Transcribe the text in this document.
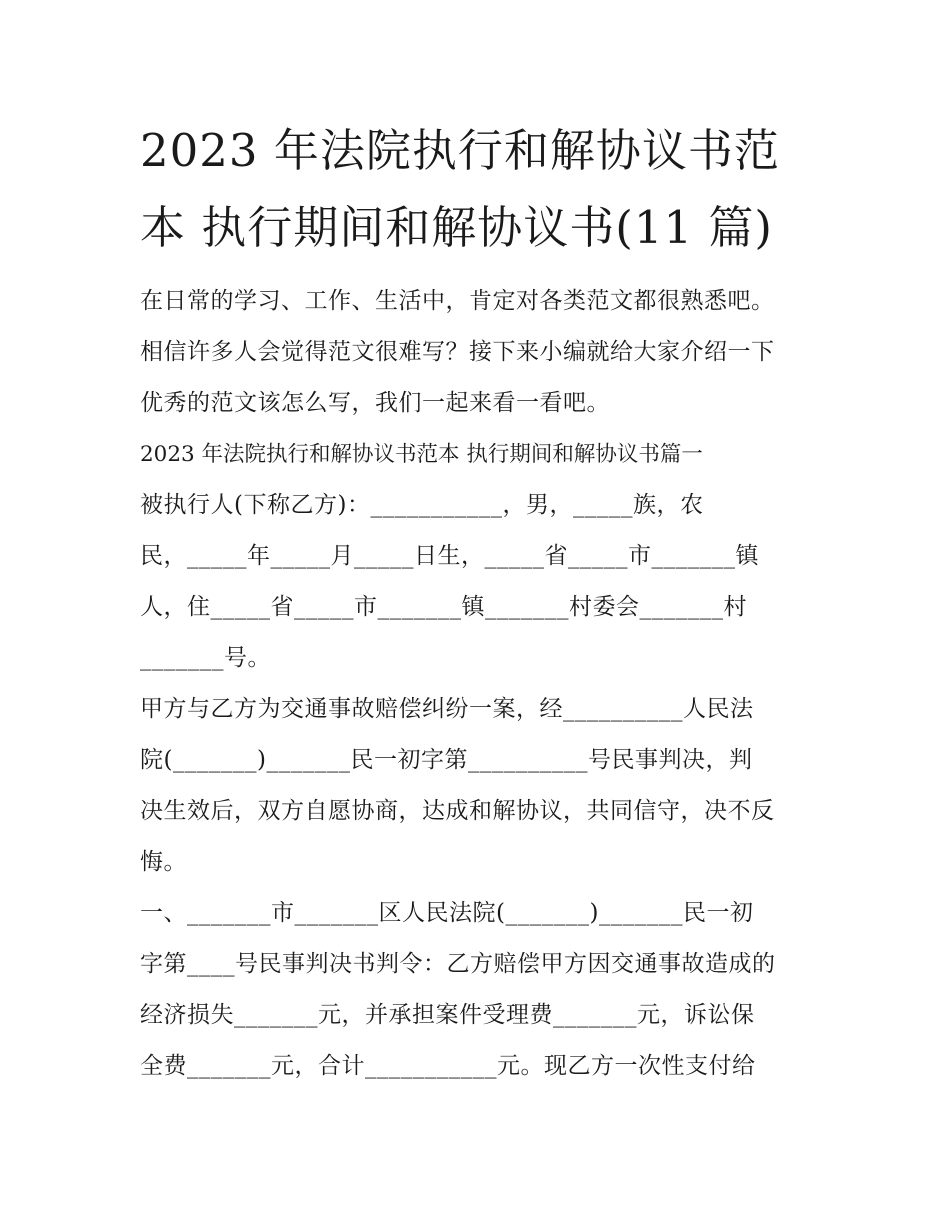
2023 年法院执行和解协议书范
本 执行期间和解协议书(11 篇)
在日常的学习、工作、生活中，肯定对各类范文都很熟悉吧。
相信许多人会觉得范文很难写？接下来小编就给大家介绍一下
优秀的范文该怎么写，我们一起来看一看吧。
2023 年法院执行和解协议书范本 执行期间和解协议书篇一
被执行人(下称乙方)：___________，男，_____族，农
民，_____年_____月_____日生，_____省_____市_______镇
人，住_____省_____市_______镇_______村委会_______村
_______号。
甲方与乙方为交通事故赔偿纠纷一案，经__________人民法
院(_______)_______民一初字第__________号民事判决，判
决生效后，双方自愿协商，达成和解协议，共同信守，决不反
悔。
一、_______市_______区人民法院(_______)_______民一初
字第____号民事判决书判令：乙方赔偿甲方因交通事故造成的
经济损失_______元，并承担案件受理费_______元，诉讼保
全费_______元，合计___________元。现乙方一次性支付给
